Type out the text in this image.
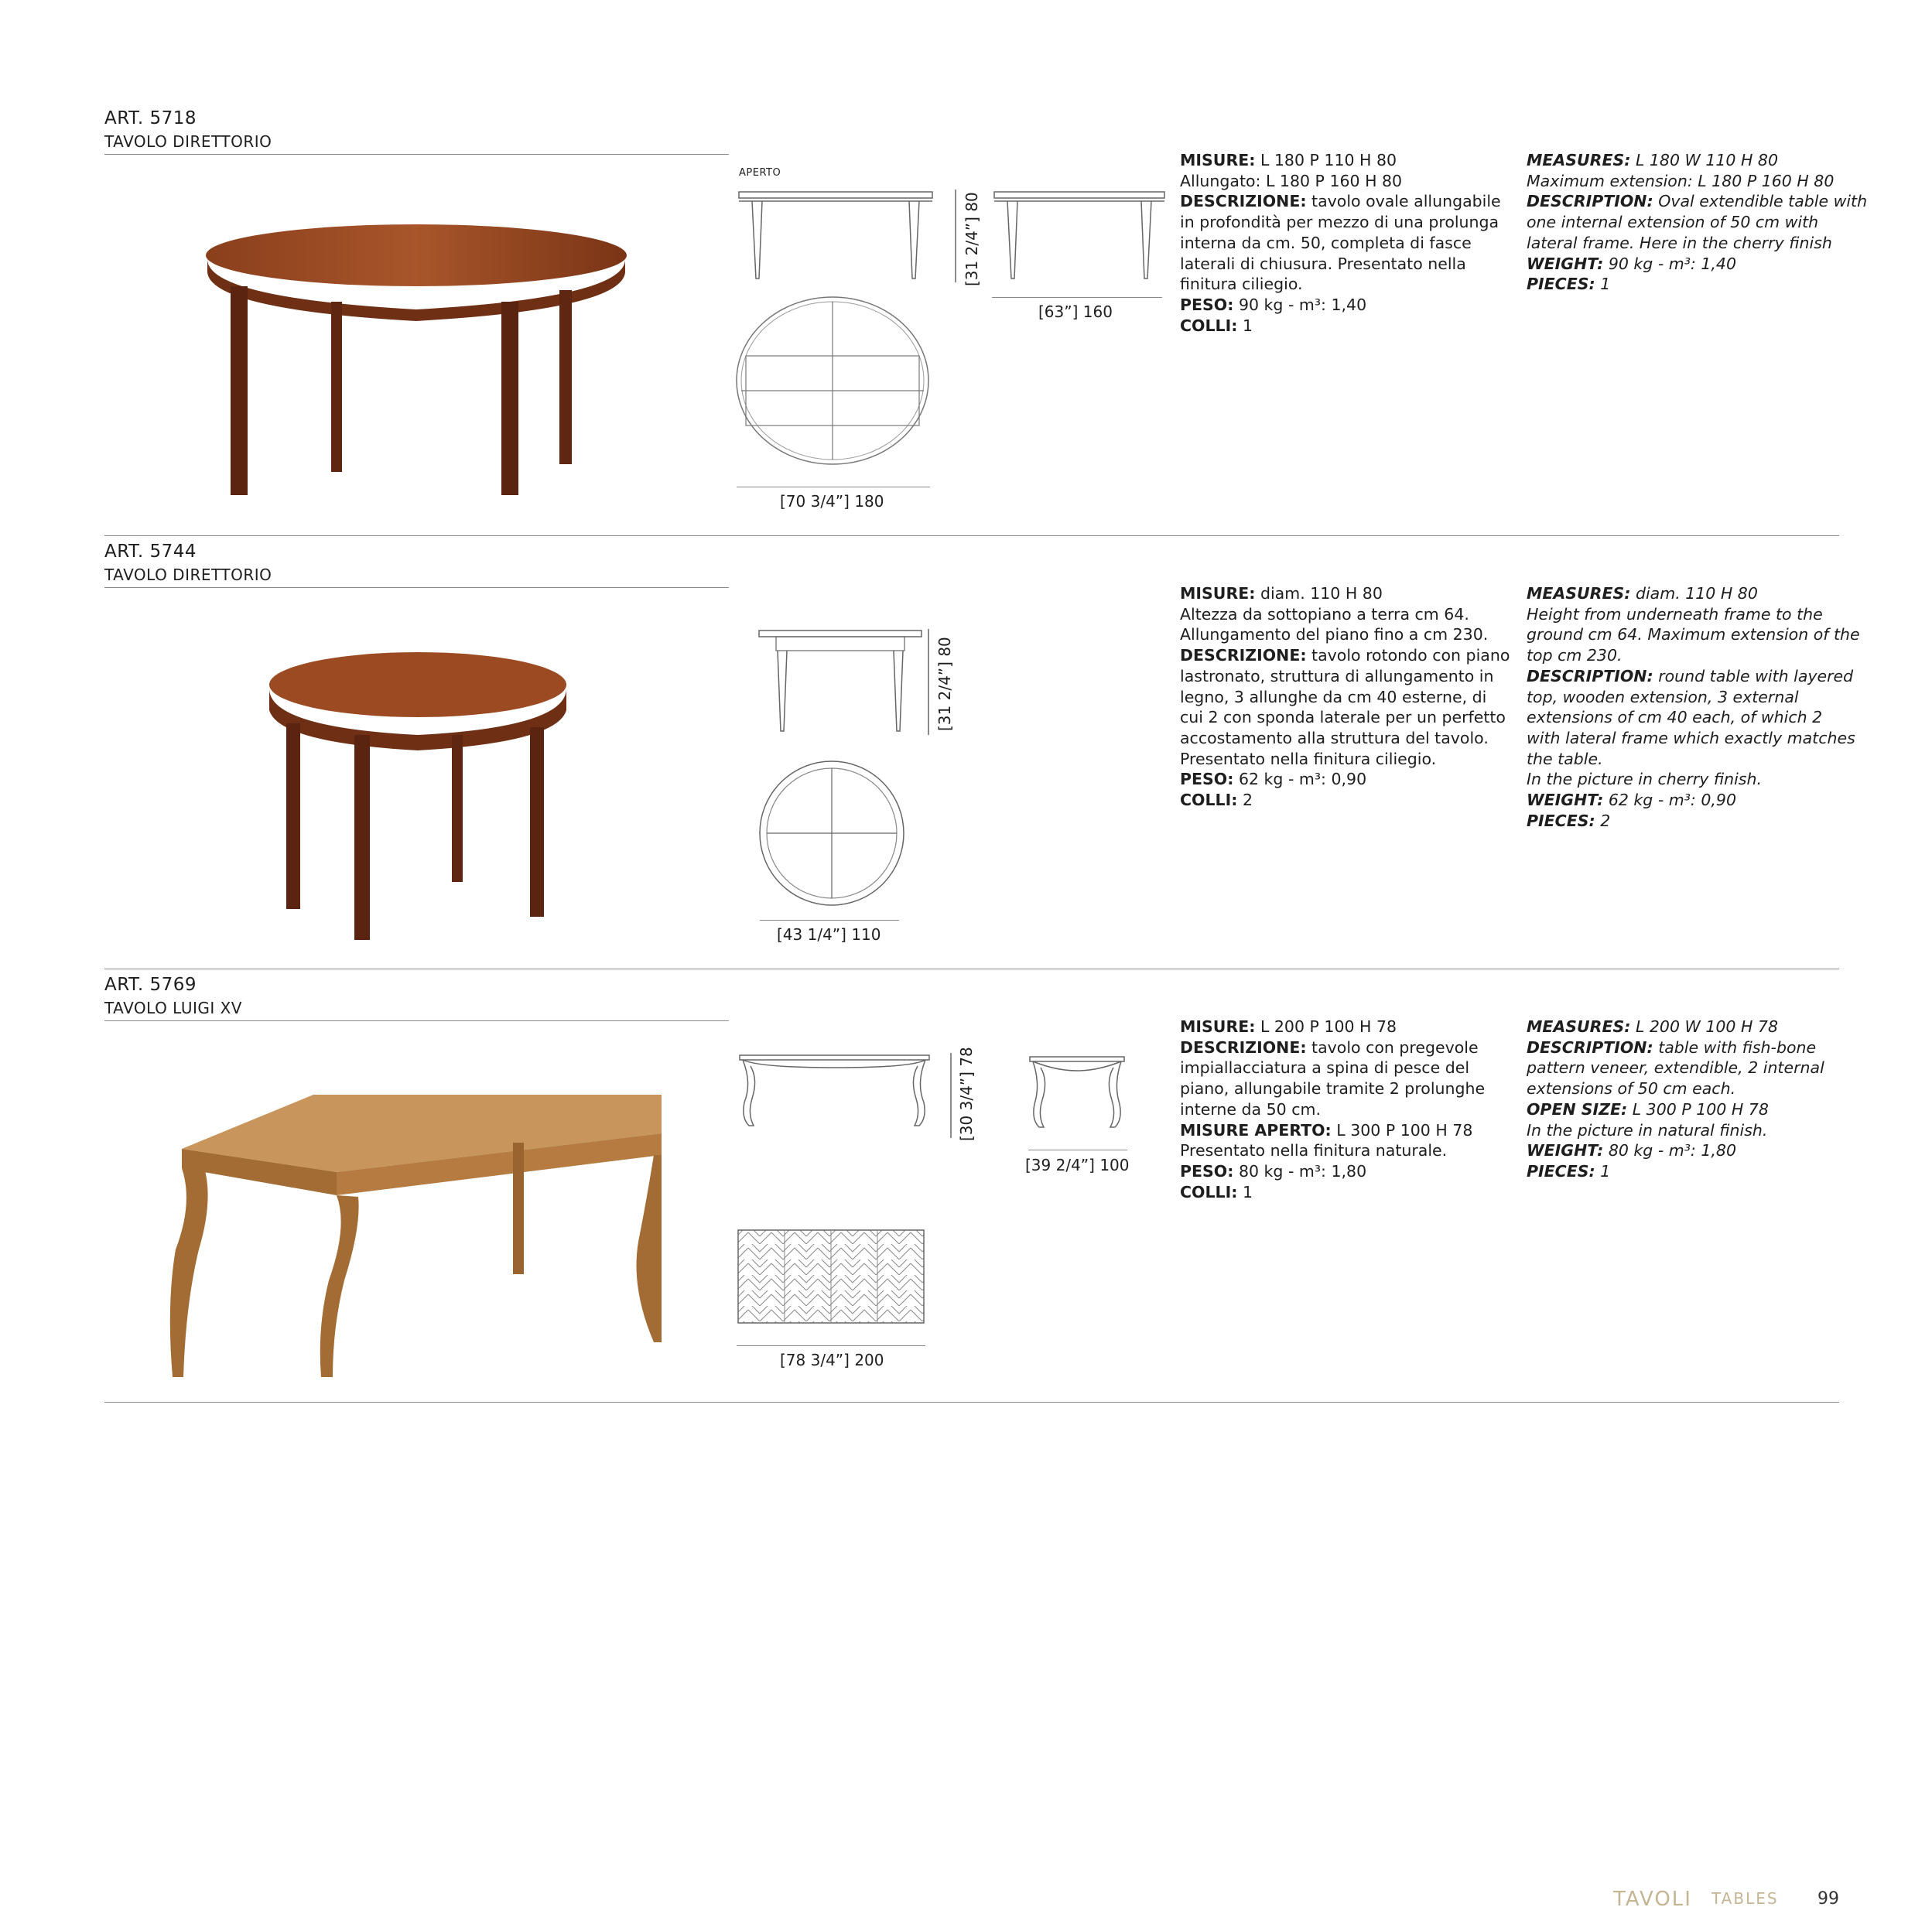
ART. 5718
TAVOLO DIRETTORIO
APERTO
[31 2/4”] 80
[63”] 160
[70 3/4”] 180

MISURE: L 180 P 110 H 80

Allungato: L 180 P 160 H 80

DESCRIZIONE: tavolo ovale allungabile

in profondità per mezzo di una prolunga

interna da cm. 50, completa di fasce

laterali di chiusura. Presentato nella

finitura ciliegio.

PESO: 90 kg - m³: 1,40

COLLI: 1

MEASURES: L 180 W 110 H 80

Maximum extension: L 180 P 160 H 80

DESCRIPTION: Oval extendible table with

one internal extension of 50 cm with

lateral frame. Here in the cherry finish

WEIGHT: 90 kg - m³: 1,40

PIECES: 1

ART. 5744
TAVOLO DIRETTORIO
[31 2/4”] 80
[43 1/4”] 110

MISURE: diam. 110 H 80

Altezza da sottopiano a terra cm 64.

Allungamento del piano fino a cm 230.

DESCRIZIONE: tavolo rotondo con piano

lastronato, struttura di allungamento in

legno, 3 allunghe da cm 40 esterne, di

cui 2 con sponda laterale per un perfetto

accostamento alla struttura del tavolo.

Presentato nella finitura ciliegio.

PESO: 62 kg - m³: 0,90

COLLI: 2

MEASURES: diam. 110 H 80

Height from underneath frame to the

ground cm 64. Maximum extension of the

top cm 230.

DESCRIPTION: round table with layered

top, wooden extension, 3 external

extensions of cm 40 each, of which 2

with lateral frame which exactly matches

the table.

In the picture in cherry finish.

WEIGHT: 62 kg - m³: 0,90

PIECES: 2

ART. 5769
TAVOLO LUIGI XV
[30 3/4”] 78
[39 2/4”] 100
[78 3/4”] 200

MISURE: L 200 P 100 H 78

DESCRIZIONE: tavolo con pregevole

impiallacciatura a spina di pesce del

piano, allungabile tramite 2 prolunghe

interne da 50 cm.

MISURE APERTO: L 300 P 100 H 78

Presentato nella finitura naturale.

PESO: 80 kg - m³: 1,80

COLLI: 1

MEASURES: L 200 W 100 H 78

DESCRIPTION: table with fish-bone

pattern veneer, extendible, 2 internal

extensions of 50 cm each.

OPEN SIZE: L 300 P 100 H 78

In the picture in natural finish.

WEIGHT: 80 kg - m³: 1,80

PIECES: 1

TAVOLI TABLES 99
